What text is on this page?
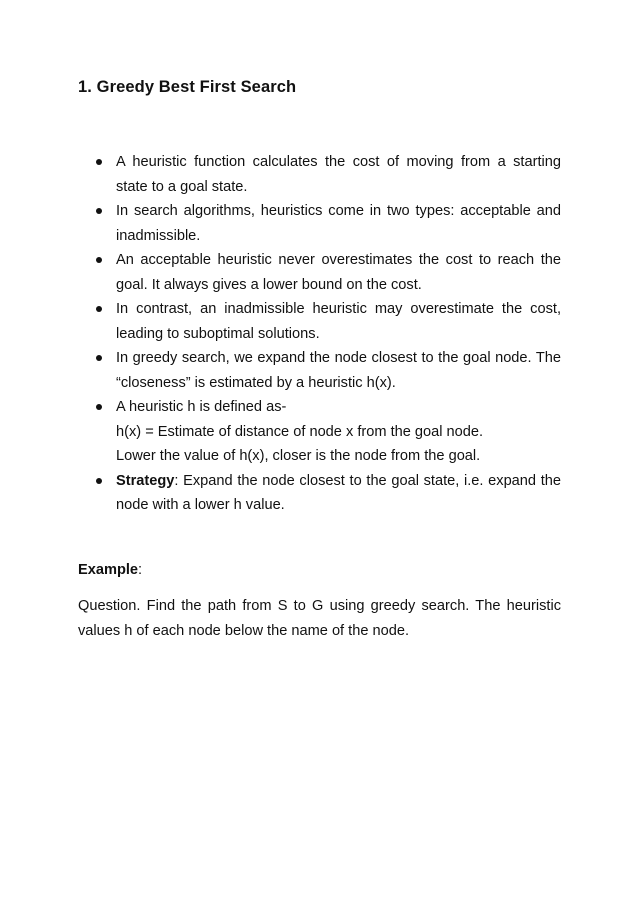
1. Greedy Best First Search
A heuristic function calculates the cost of moving from a starting state to a goal state.
In search algorithms, heuristics come in two types: acceptable and inadmissible.
An acceptable heuristic never overestimates the cost to reach the goal. It always gives a lower bound on the cost.
In contrast, an inadmissible heuristic may overestimate the cost, leading to suboptimal solutions.
In greedy search, we expand the node closest to the goal node. The “closeness” is estimated by a heuristic h(x).
A heuristic h is defined as-
h(x) = Estimate of distance of node x from the goal node.
Lower the value of h(x), closer is the node from the goal.
Strategy: Expand the node closest to the goal state, i.e. expand the node with a lower h value.

Example:

Question. Find the path from S to G using greedy search. The heuristic values h of each node below the name of the node.
